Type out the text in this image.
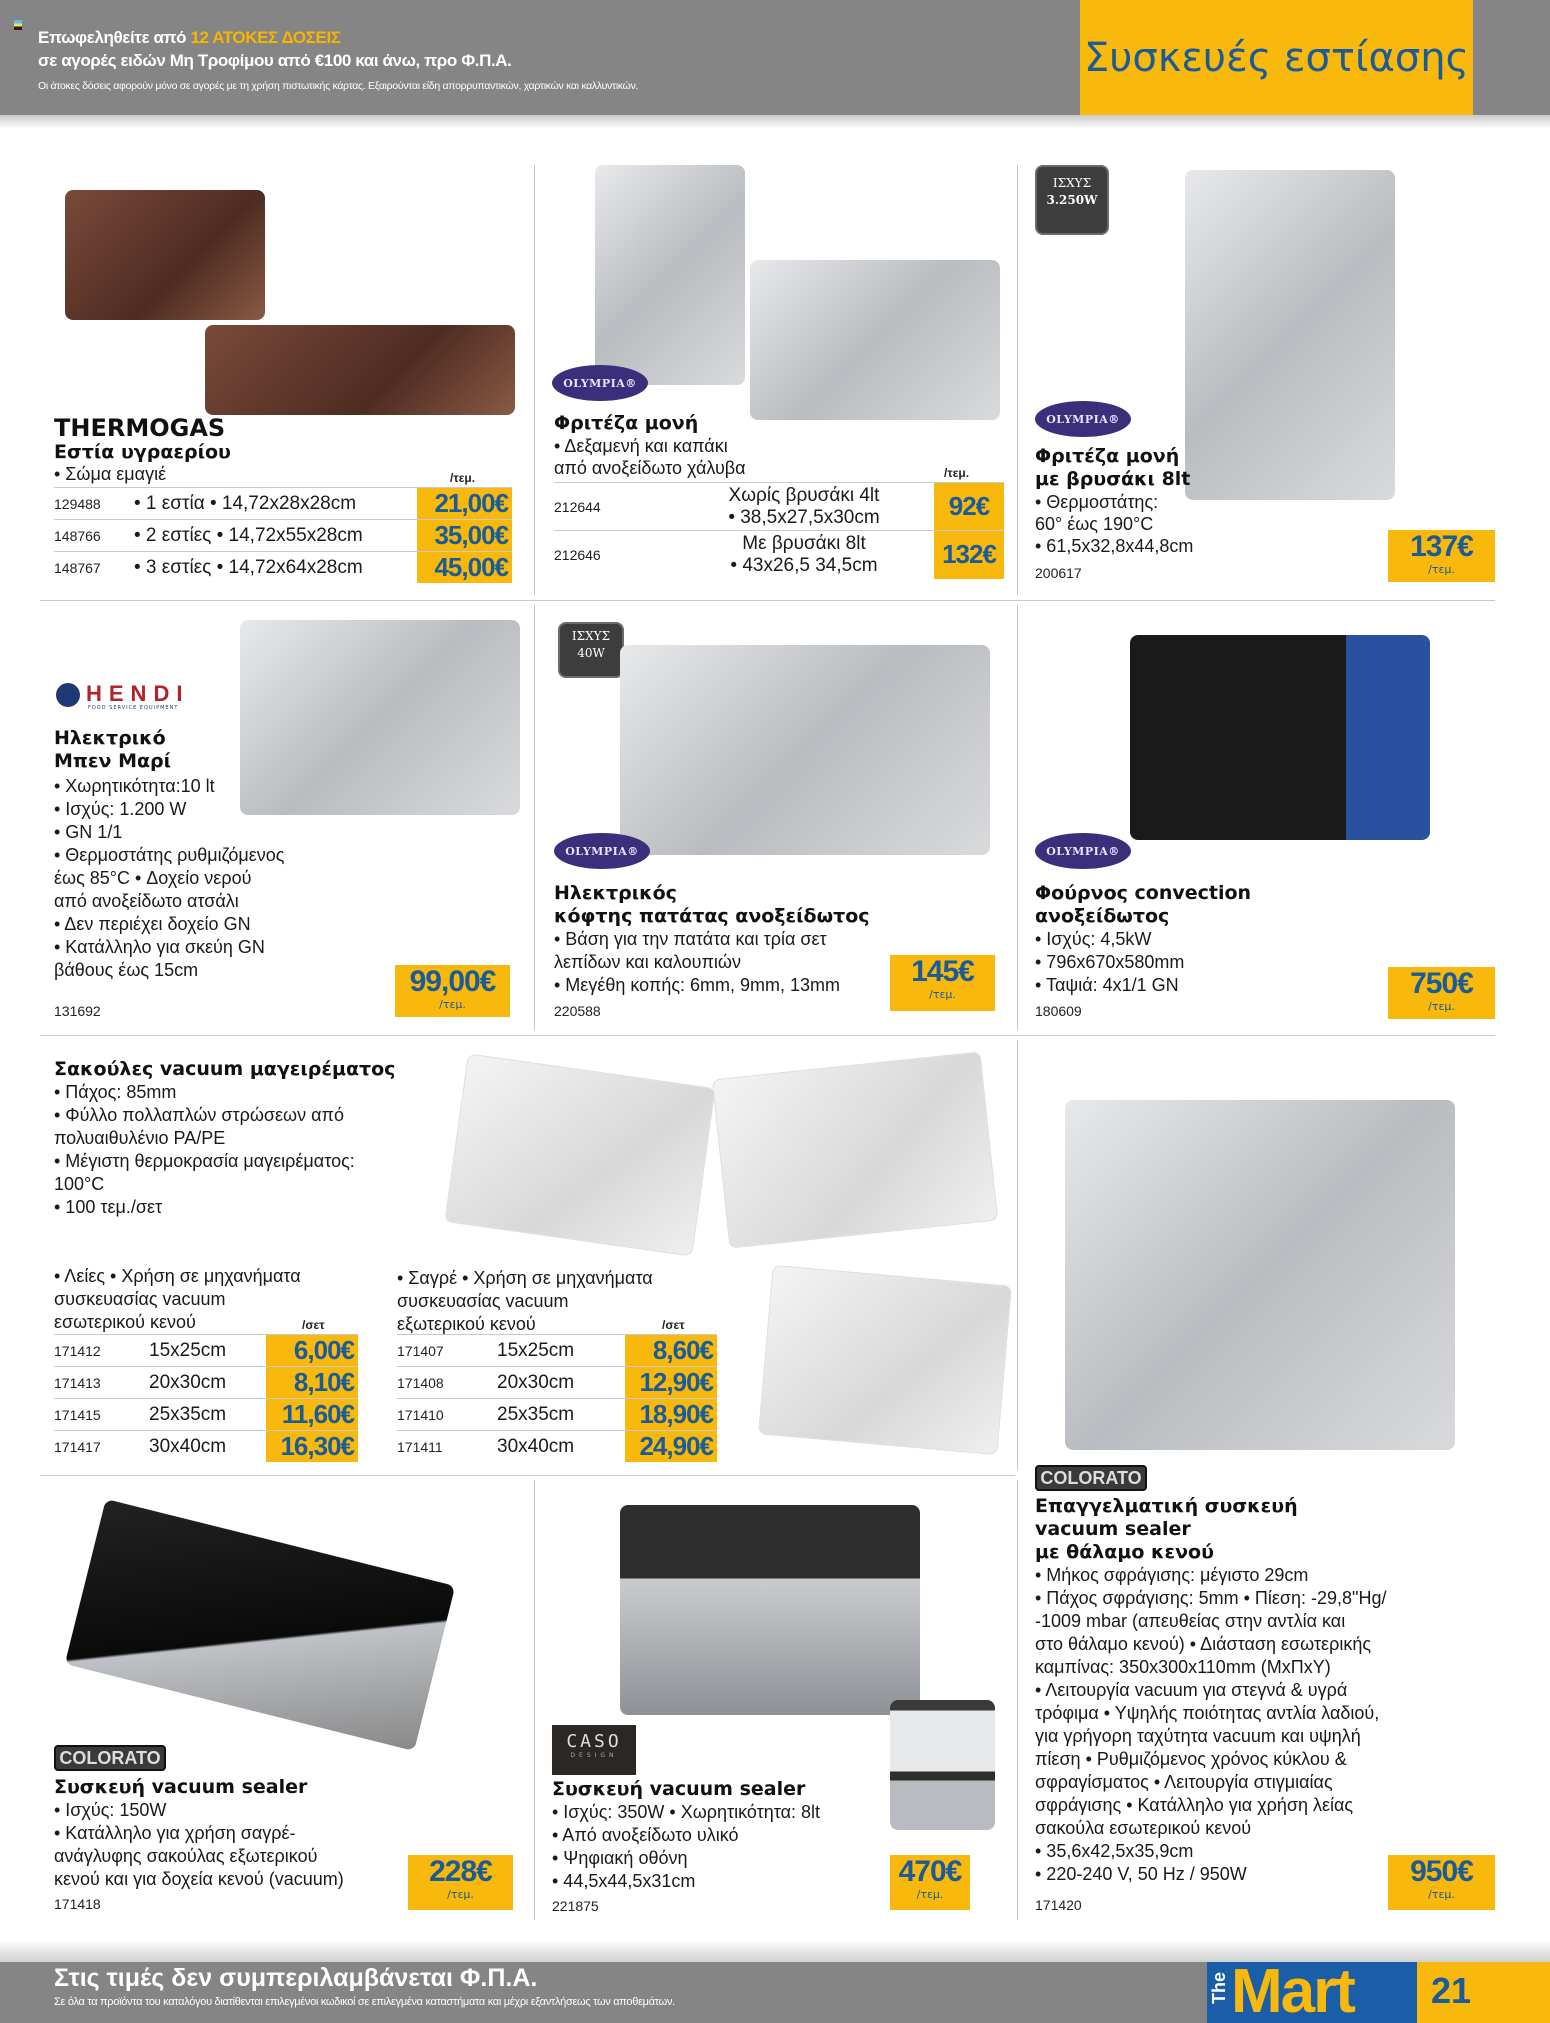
Επωφεληθείτε από 12 ΑΤΟΚΕΣ ΔΟΣΕΙΣ
σε αγορές ειδών Μη Τροφίμου από €100 και άνω, προ Φ.Π.Α.
Οι άτοκες δόσεις αφορούν μόνο σε αγορές με τη χρήση πιστωτικής κάρτας. Εξαιρούνται είδη απορρυπαντικών, χαρτικών και καλλυντικών.
Συσκευές εστίασης
THERMOGAS
Εστία υγραερίου
• Σώμα εμαγιέ	/τεμ.
129488	• 1 εστία • 14,72x28x28cm	21,00€
148766	• 2 εστίες • 14,72x55x28cm	35,00€
148767	• 3 εστίες • 14,72x64x28cm	45,00€
OLYMPIA®
Φριτέζα μονή
• Δεξαμενή και καπάκι
από ανοξείδωτο χάλυβα	/τεμ.
212644	Χωρίς βρυσάκι 4lt
• 38,5x27,5x30cm	92€
212646	Με βρυσάκι 8lt
• 43x26,5 34,5cm	132€
ΙΣΧΥΣ
3.250W
OLYMPIA®
Φριτέζα μονή
με βρυσάκι 8lt
• Θερμοστάτης:
60° έως 190°C
• 61,5x32,8x44,8cm
200617
137€
/τεμ.
HENDI
FOOD SERVICE EQUIPMENT
Ηλεκτρικό
Μπεν Μαρί
• Χωρητικότητα:10 lt
• Ισχύς: 1.200 W
• GN 1/1
• Θερμοστάτης ρυθμιζόμενος
έως 85°C • Δοχείο νερού
από ανοξείδωτο ατσάλι
• Δεν περιέχει δοχείο GN
• Κατάλληλο για σκεύη GN
βάθους έως 15cm
131692
99,00€
/τεμ.
ΙΣΧΥΣ
40W
OLYMPIA®
Ηλεκτρικός
κόφτης πατάτας ανοξείδωτος
• Βάση για την πατάτα και τρία σετ
λεπίδων και καλουπιών
• Μεγέθη κοπής: 6mm, 9mm, 13mm
220588
145€
/τεμ.
OLYMPIA®
Φούρνος convection
ανοξείδωτος
• Ισχύς: 4,5kW
• 796x670x580mm
• Ταψιά: 4x1/1 GN
180609
750€
/τεμ.
Σακούλες vacuum μαγειρέματος
• Πάχος: 85mm
• Φύλλο πολλαπλών στρώσεων από
πολυαιθυλένιο PA/PE
• Μέγιστη θερμοκρασία μαγειρέματος:
100°C
• 100 τεμ./σετ
• Λείες • Χρήση σε μηχανήματα
συσκευασίας vacuum
εσωτερικού κενού	/σετ
171412	15x25cm	6,00€
171413	20x30cm	8,10€
171415	25x35cm	11,60€
171417	30x40cm	16,30€
• Σαγρέ • Χρήση σε μηχανήματα
συσκευασίας vacuum
εξωτερικού κενού	/σετ
171407	15x25cm	8,60€
171408	20x30cm	12,90€
171410	25x35cm	18,90€
171411	30x40cm	24,90€
COLORATO
Επαγγελματική συσκευή
vacuum sealer
με θάλαμο κενού
• Μήκος σφράγισης: μέγιστο 29cm
• Πάχος σφράγισης: 5mm • Πίεση: -29,8"Hg/
-1009 mbar (απευθείας στην αντλία και
στο θάλαμο κενού) • Διάσταση εσωτερικής
καμπίνας: 350x300x110mm (ΜxΠxΥ)
• Λειτουργία vacuum για στεγνά & υγρά
τρόφιμα • Υψηλής ποιότητας αντλία λαδιού,
για γρήγορη ταχύτητα vacuum και υψηλή
πίεση • Ρυθμιζόμενος χρόνος κύκλου &
σφραγίσματος • Λειτουργία στιγμιαίας
σφράγισης • Κατάλληλο για χρήση λείας
σακούλα εσωτερικού κενού
• 35,6x42,5x35,9cm
• 220-240 V, 50 Hz / 950W
171420
950€
/τεμ.
COLORATO
Συσκευή vacuum sealer
• Ισχύς: 150W
• Κατάλληλο για χρήση σαγρέ-
ανάγλυφης σακούλας εξωτερικού
κενού και για δοχεία κενού (vacuum)
171418
228€
/τεμ.
CASO
DESIGN
Συσκευή vacuum sealer
• Ισχύς: 350W • Χωρητικότητα: 8lt
• Από ανοξείδωτο υλικό
• Ψηφιακή οθόνη
• 44,5x44,5x31cm
221875
470€
/τεμ.
Στις τιμές δεν συμπεριλαμβάνεται Φ.Π.Α.
Σε όλα τα προϊόντα του καταλόγου διατίθενται επιλεγμένοι κωδικοί σε επιλεγμένα καταστήματα και μέχρι εξαντλήσεως των αποθεμάτων.	The Mart 21
